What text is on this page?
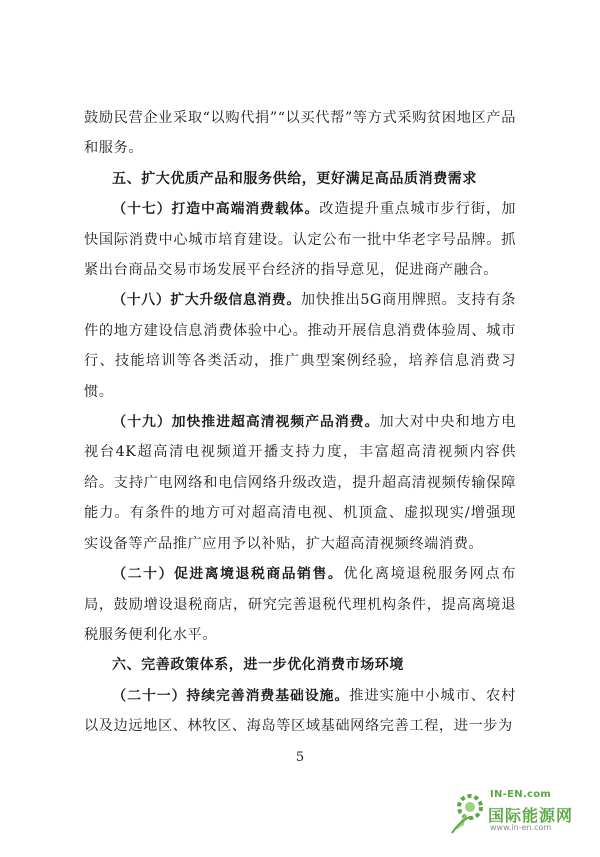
鼓励民营企业采取“以购代捐”“以买代帮”等方式采购贫困地区产品和服务。

五、扩大优质产品和服务供给，更好满足高品质消费需求

（十七）打造中高端消费载体。改造提升重点城市步行街，加快国际消费中心城市培育建设。认定公布一批中华老字号品牌。抓紧出台商品交易市场发展平台经济的指导意见，促进商产融合。

（十八）扩大升级信息消费。加快推出5G商用牌照。支持有条件的地方建设信息消费体验中心。推动开展信息消费体验周、城市行、技能培训等各类活动，推广典型案例经验，培养信息消费习惯。

（十九）加快推进超高清视频产品消费。加大对中央和地方电视台4K超高清电视频道开播支持力度，丰富超高清视频内容供给。支持广电网络和电信网络升级改造，提升超高清视频传输保障能力。有条件的地方可对超高清电视、机顶盒、虚拟现实/增强现实设备等产品推广应用予以补贴，扩大超高清视频终端消费。

（二十）促进离境退税商品销售。优化离境退税服务网点布局，鼓励增设退税商店，研究完善退税代理机构条件，提高离境退税服务便利化水平。

六、完善政策体系，进一步优化消费市场环境

（二十一）持续完善消费基础设施。推进实施中小城市、农村以及边远地区、林牧区、海岛等区域基础网络完善工程，进一步为

5
IN-EN.com
国际能源网
www.in-en.com
